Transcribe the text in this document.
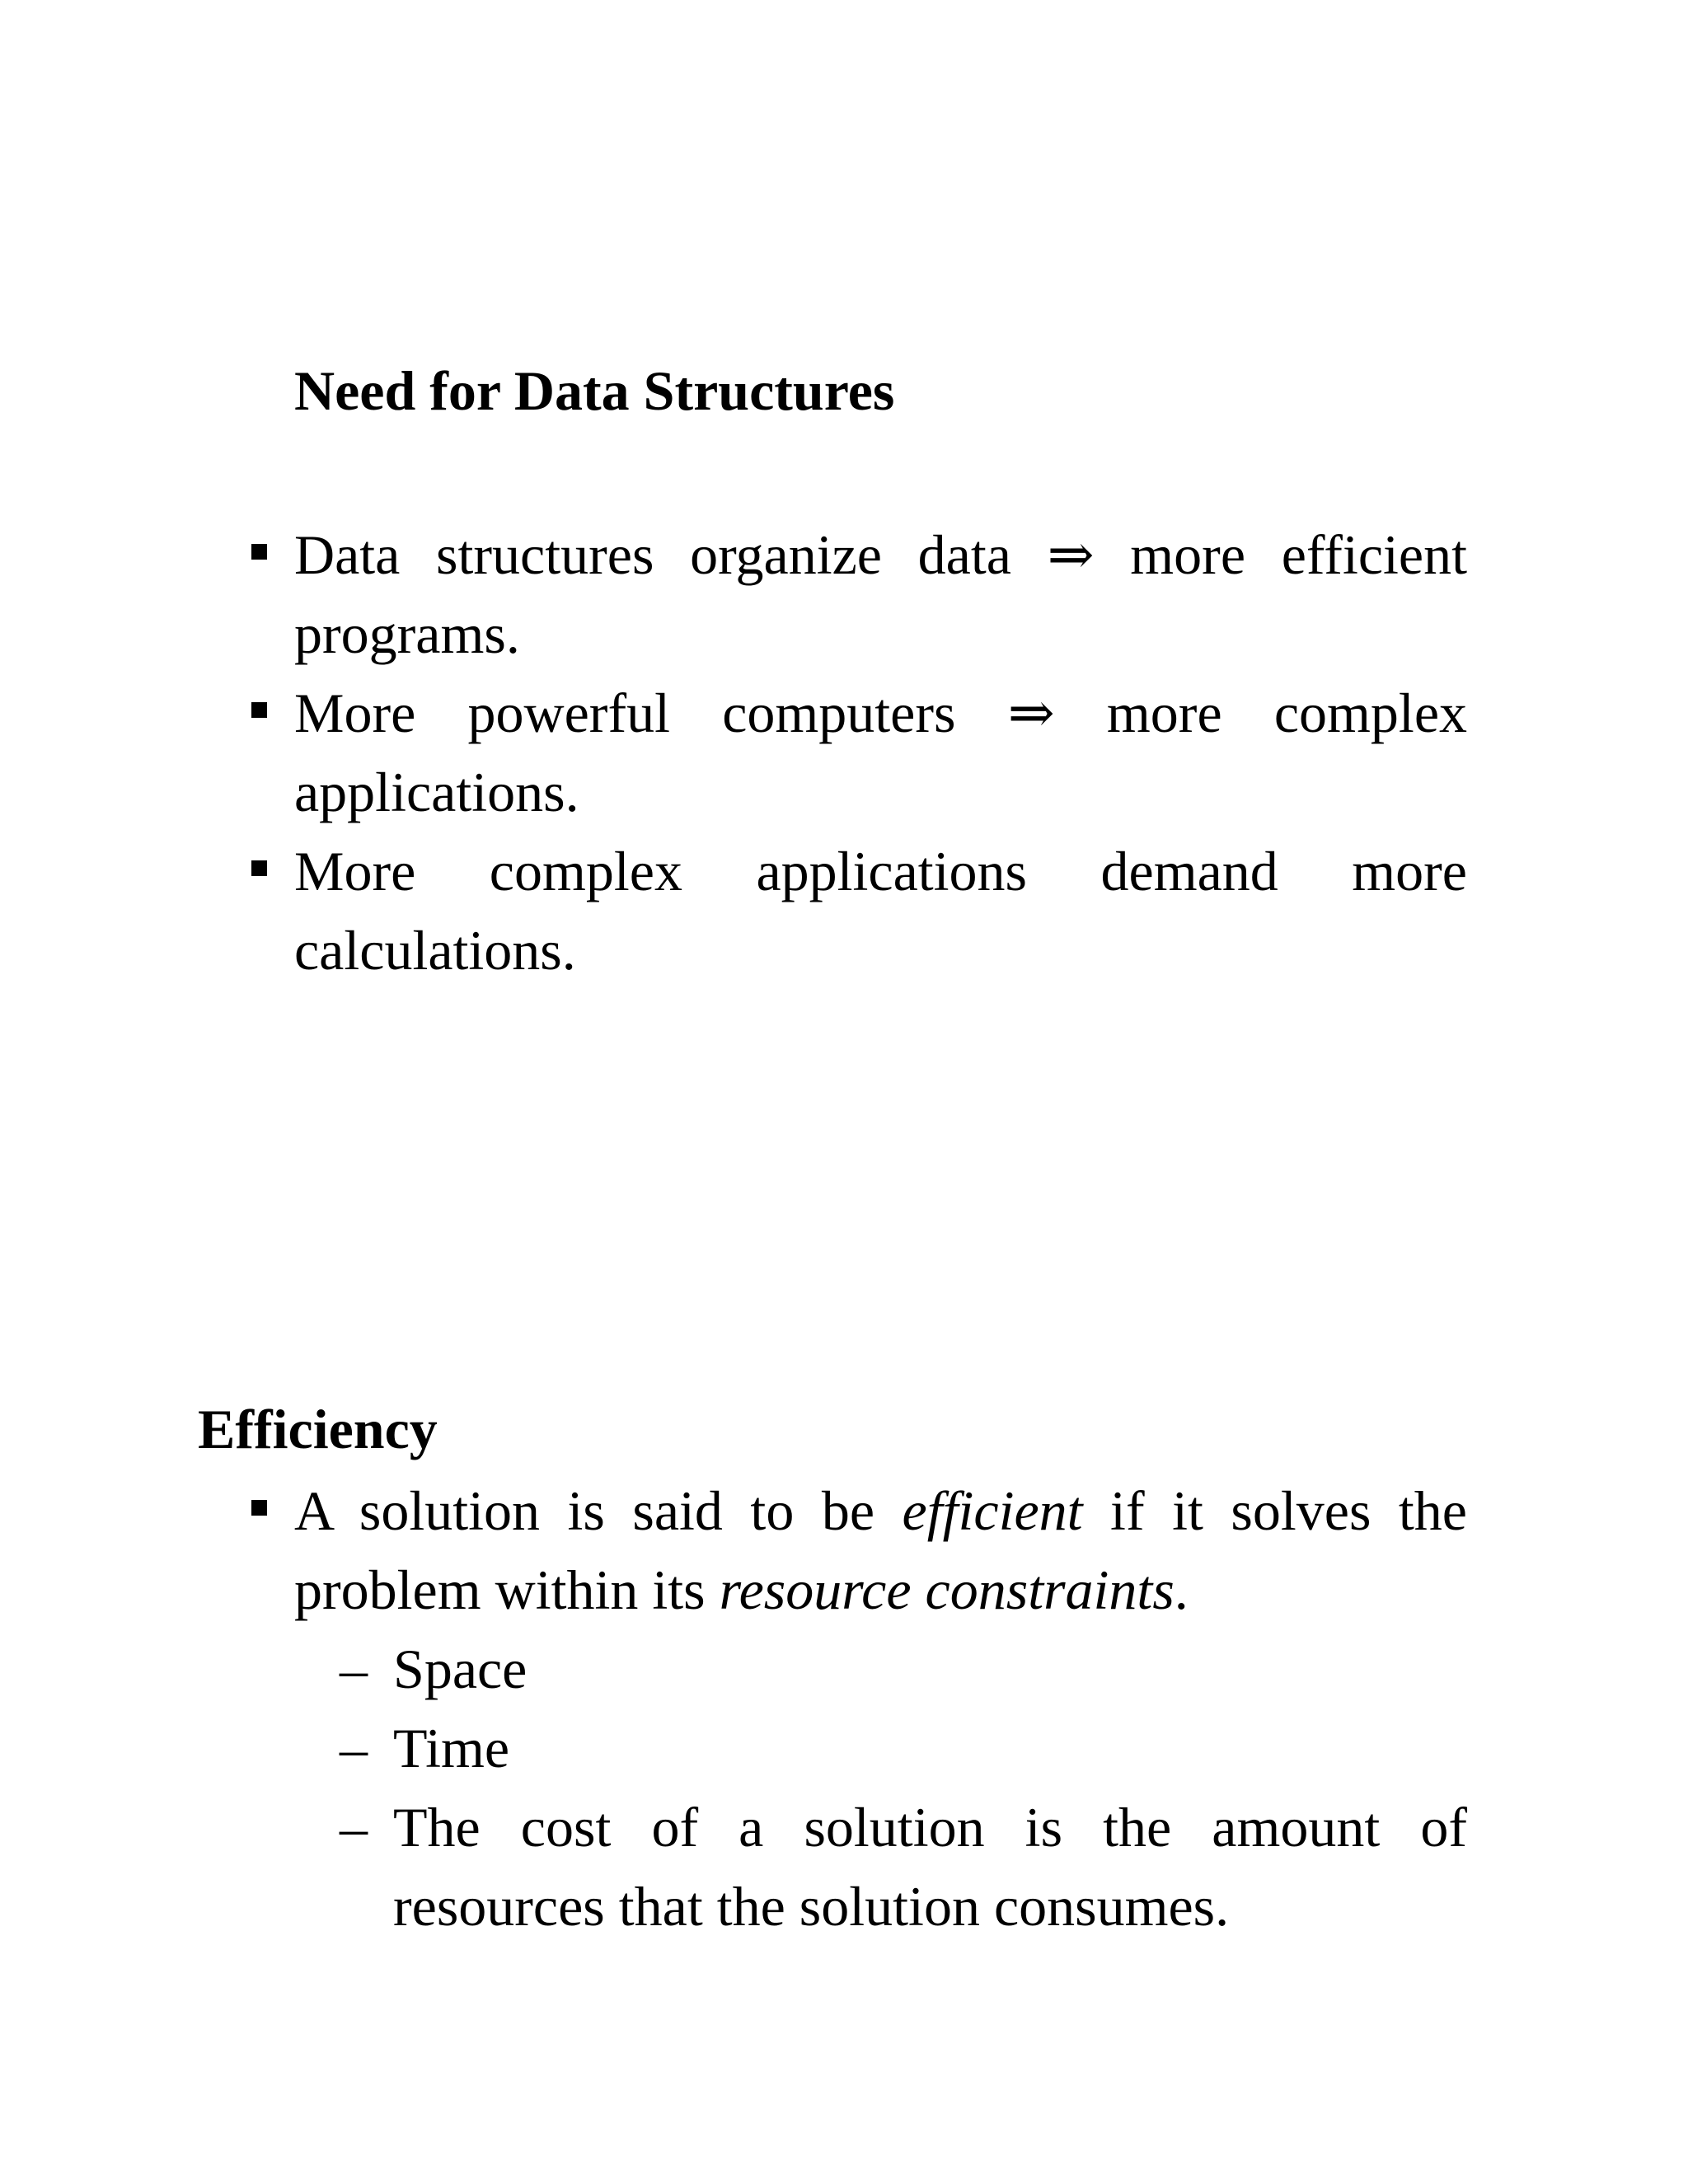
Need for Data Structures
Data structures organize data ⇒ more efficient programs.
More powerful computers ⇒ more complex applications.
More complex applications demand more calculations.
Efficiency
A solution is said to be efficient if it solves the problem within its resource constraints.
– Space
– Time
– The cost of a solution is the amount of resources that the solution consumes.
